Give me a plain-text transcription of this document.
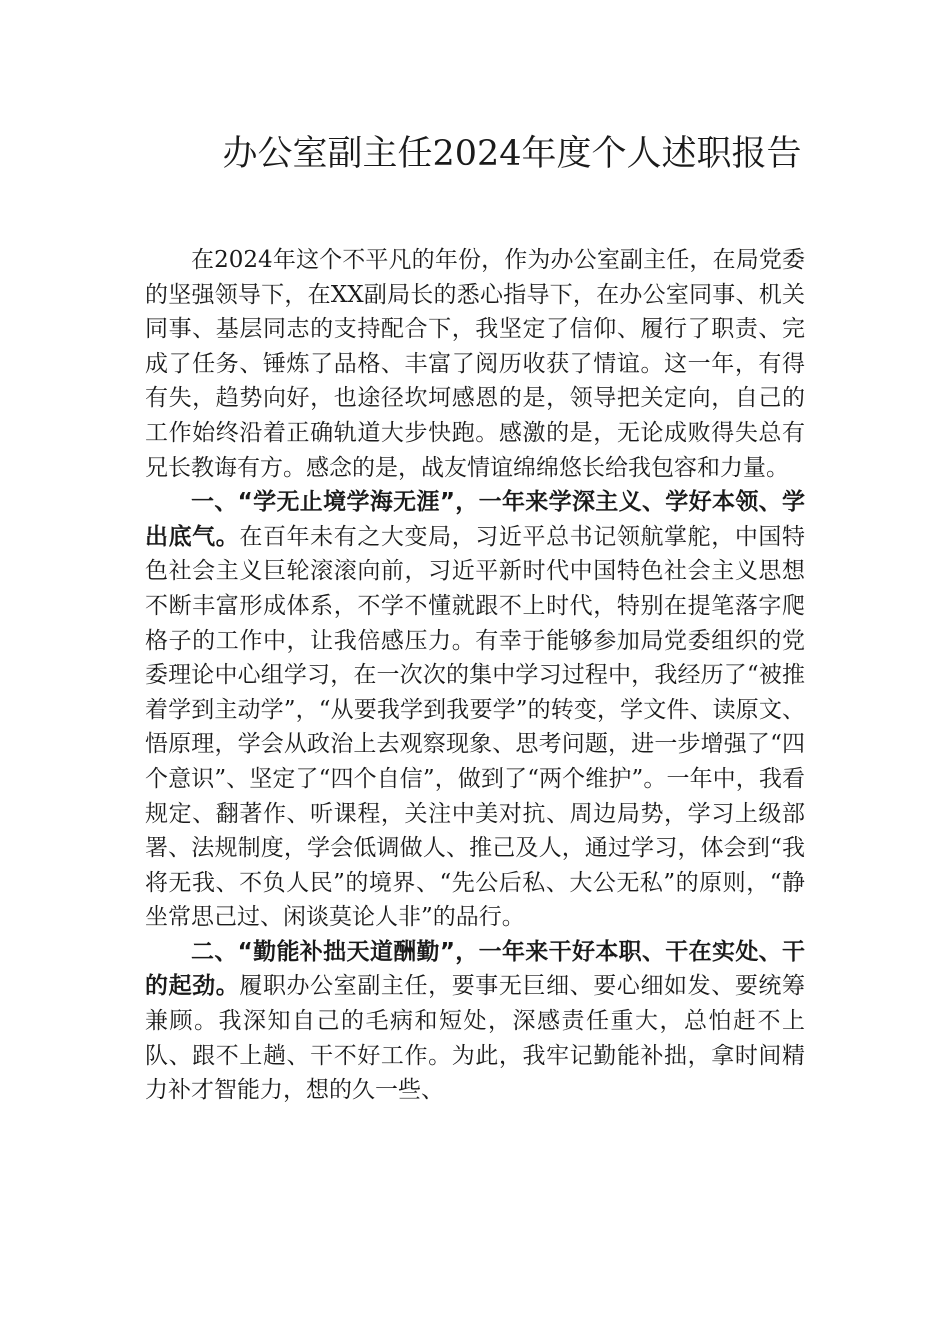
办公室副主任2024年度个人述职报告

在2024年这个不平凡的年份，作为办公室副主任，在局党委的坚强领导下，在XX副局长的悉心指导下，在办公室同事、机关同事、基层同志的支持配合下，我坚定了信仰、履行了职责、完成了任务、锤炼了品格、丰富了阅历收获了情谊。这一年，有得有失，趋势向好，也途径坎坷感恩的是，领导把关定向，自己的工作始终沿着正确轨道大步快跑。感激的是，无论成败得失总有兄长教诲有方。感念的是，战友情谊绵绵悠长给我包容和力量。

一、“学无止境学海无涯”，一年来学深主义、学好本领、学出底气。在百年未有之大变局，习近平总书记领航掌舵，中国特色社会主义巨轮滚滚向前，习近平新时代中国特色社会主义思想不断丰富形成体系，不学不懂就跟不上时代，特别在提笔落字爬格子的工作中，让我倍感压力。有幸于能够参加局党委组织的党委理论中心组学习，在一次次的集中学习过程中，我经历了“被推着学到主动学”，“从要我学到我要学”的转变，学文件、读原文、悟原理，学会从政治上去观察现象、思考问题，进一步增强了“四个意识”、坚定了“四个自信”，做到了“两个维护”。一年中，我看规定、翻著作、听课程，关注中美对抗、周边局势，学习上级部署、法规制度，学会低调做人、推己及人，通过学习，体会到“我将无我、不负人民”的境界、“先公后私、大公无私”的原则，“静坐常思己过、闲谈莫论人非”的品行。

二、“勤能补拙天道酬勤”，一年来干好本职、干在实处、干的起劲。履职办公室副主任，要事无巨细、要心细如发、要统筹兼顾。我深知自己的毛病和短处，深感责任重大，总怕赶不上队、跟不上趟、干不好工作。为此，我牢记勤能补拙，拿时间精力补才智能力，想的久一些、
